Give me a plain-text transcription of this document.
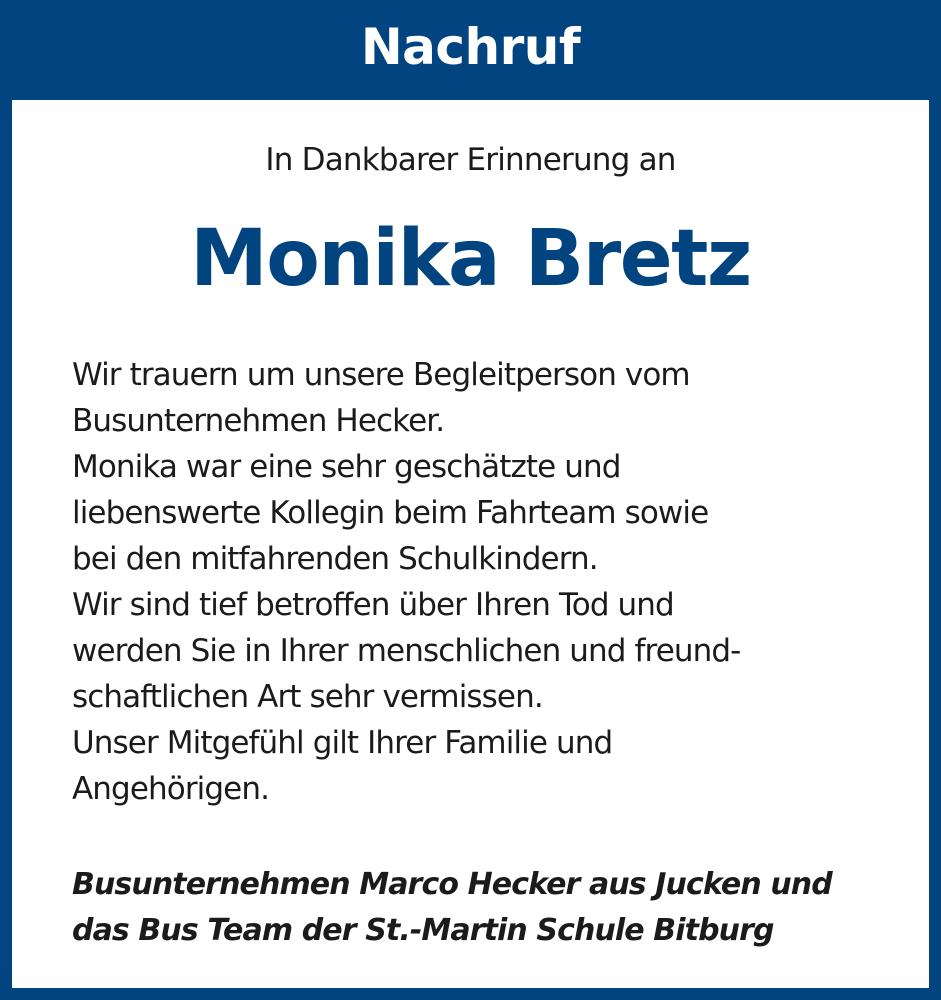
Nachruf
In Dankbarer Erinnerung an
Monika Bretz
Wir trauern um unsere Begleitperson vom
Busunternehmen Hecker.
Monika war eine sehr geschätzte und
liebenswerte Kollegin beim Fahrteam sowie
bei den mitfahrenden Schulkindern.
Wir sind tief betroffen über Ihren Tod und
werden Sie in Ihrer menschlichen und freund-
schaftlichen Art sehr vermissen.
Unser Mitgefühl gilt Ihrer Familie und
Angehörigen.
Busunternehmen Marco Hecker aus Jucken und
das Bus Team der St.-Martin Schule Bitburg
